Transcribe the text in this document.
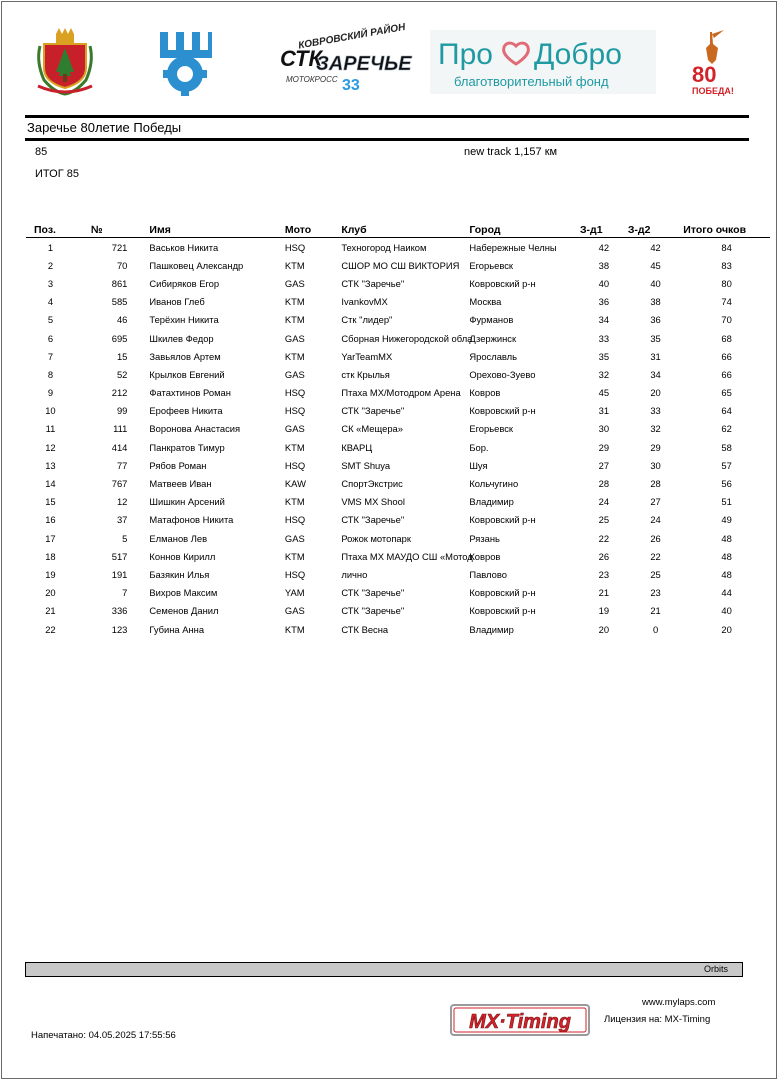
КОВРОВСКИЙ РАЙОН
СТК
ЗАРЕЧЬЕ
МОТОКРОСС 33
Про Добро
благотворительный фонд	80
ПОБЕДА!
Заречье 80летие Победы
85	new track 1,157 км
ИТОГ 85
Поз.	№	Имя	Мото	Клуб	Город	З-д1	З-д2	Итого очков
1	721	Васьков Никита	HSQ	Техногород Наиком	Набережные Челны	42	42	84
2	70	Пашковец Александр	KTM	СШОР МО СШ ВИКТОРИЯ	Егорьевск	38	45	83
3	861	Сибиряков Егор	GAS	СТК "Заречье"	Ковровский р-н	40	40	80
4	585	Иванов Глеб	KTM	IvankovMX	Москва	36	38	74
5	46	Терёхин Никита	KTM	Стк "лидер"	Фурманов	34	36	70
6	695	Шкилев Федор	GAS	Сборная Нижегородской обла	Дзержинск	33	35	68
7	15	Завьялов Артем	KTM	YarTeamMX	Ярославль	35	31	66
8	52	Крылков Евгений	GAS	стк Крылья	Орехово-Зуево	32	34	66
9	212	Фатахтинов Роман	HSQ	Птаха MX/Мотодром Арена	Ковров	45	20	65
10	99	Ерофеев Никита	HSQ	СТК "Заречье"	Ковровский р-н	31	33	64
11	111	Воронова Анастасия	GAS	СК «Мещера»	Егорьевск	30	32	62
12	414	Панкратов Тимур	KTM	КВАРЦ	Бор.	29	29	58
13	77	Рябов Роман	HSQ	SMT Shuya	Шуя	27	30	57
14	767	Матвеев Иван	KAW	СпортЭкстрис	Кольчугино	28	28	56
15	12	Шишкин Арсений	KTM	VMS MX Shool	Владимир	24	27	51
16	37	Матафонов Никита	HSQ	СТК "Заречье"	Ковровский р-н	25	24	49
17	5	Елманов Лев	GAS	Рожок мотопарк	Рязань	22	26	48
18	517	Коннов Кирилл	KTM	Птаха МХ МАУДО СШ «Мотод	Ковров	26	22	48
19	191	Базякин Илья	HSQ	лично	Павлово	23	25	48
20	7	Вихров Максим	YAM	СТК "Заречье"	Ковровский р-н	21	23	44
21	336	Семенов Данил	GAS	СТК "Заречье"	Ковровский р-н	19	21	40
22	123	Губина Анна	KTM	СТК Весна	Владимир	20	0	20
Orbits
MX·Timing
www.mylaps.com
Лицензия на: MX-Timing
Напечатано: 04.05.2025 17:55:56
